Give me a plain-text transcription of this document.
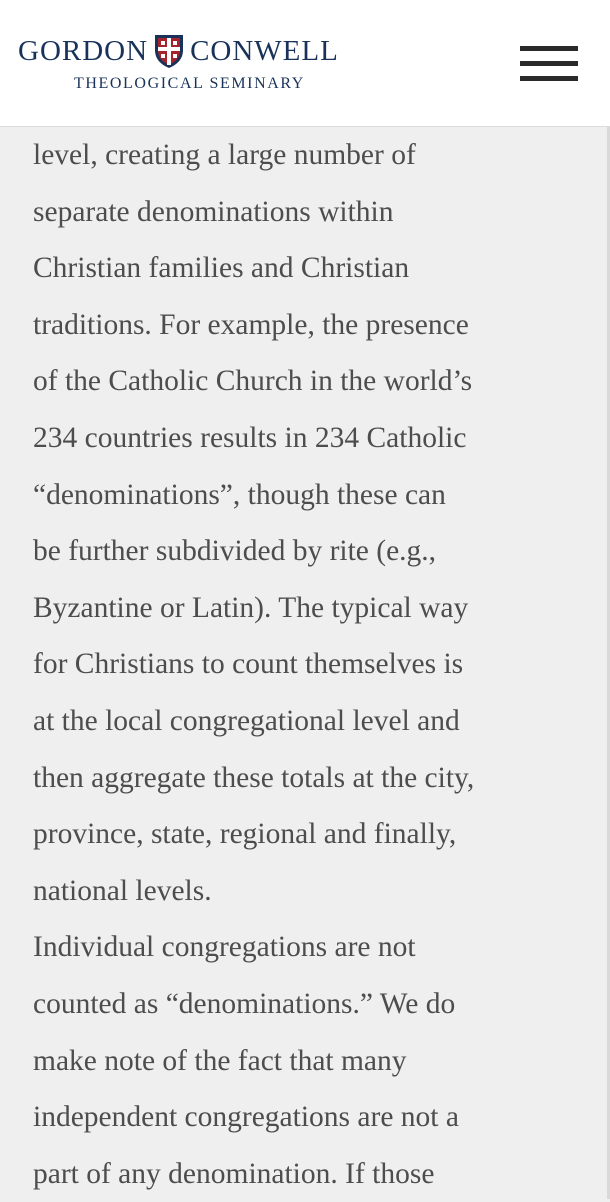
GORDON CONWELL
THEOLOGICAL SEMINARY
level, creating a large number of
separate denominations within
Christian families and Christian
traditions. For example, the presence
of the Catholic Church in the world’s
234 countries results in 234 Catholic
“denominations”, though these can
be further subdivided by rite (e.g.,
Byzantine or Latin). The typical way
for Christians to count themselves is
at the local congregational level and
then aggregate these totals at the city,
province, state, regional and finally,
national levels.
Individual congregations are not
counted as “denominations.” We do
make note of the fact that many
independent congregations are not a
part of any denomination. If those
